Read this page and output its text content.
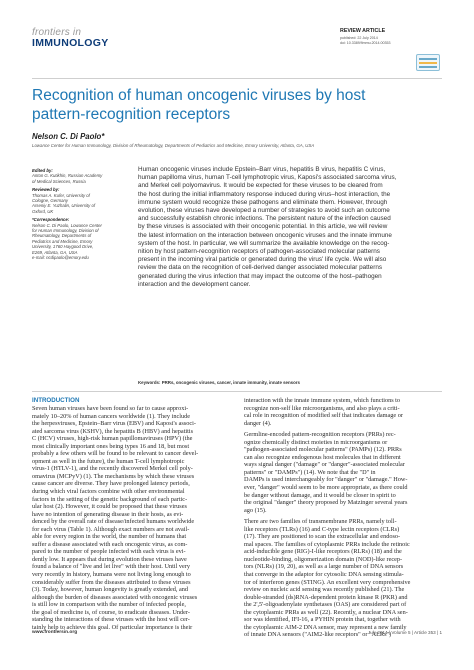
frontiers in
IMMUNOLOGY
REVIEW ARTICLE
published: 22 July 2014
doi: 10.3389/fimmu.2014.00353
Recognition of human oncogenic viruses by host pattern-recognition receptors
Nelson C. Di Paolo*
Lowance Center for Human Immunology, Division of Rheumatology, Departments of Pediatrics and Medicine, Emory University, Atlanta, GA, USA
Edited by:
Anton G. Kutikhin, Russian Academy
of Medical Sciences, Russia
Reviewed by:
Thomas A. Kufer, University of
Cologne, Germany
Arseniy E. Yuzhalin, University of
Oxford, UK
*Correspondence:
Nelson C. Di Paolo, Lowance Center
for Human Immunology, Division of
Rheumatology, Departments of
Pediatrics and Medicine, Emory
University, 1760 Haygood Drive,
E269, Atlanta, GA, USA
e-mail: ncdipaolo@emory.edu
Human oncogenic viruses include Epstein–Barr virus, hepatitis B virus, hepatitis C virus,
human papilloma virus, human T-cell lymphotropic virus, Kaposi's associated sarcoma virus,
and Merkel cell polyomavirus. It would be expected for these viruses to be cleared from
the host during the initial inflammatory response induced during virus–host interaction, the
immune system would recognize these pathogens and eliminate them. However, through
evolution, these viruses have developed a number of strategies to avoid such an outcome
and successfully establish chronic infections. The persistent nature of the infection caused
by these viruses is associated with their oncogenic potential. In this article, we will review
the latest information on the interaction between oncogenic viruses and the innate immune
system of the host. In particular, we will summarize the available knowledge on the recog-
nition by host pattern-recognition receptors of pathogen-associated molecular patterns
present in the incoming viral particle or generated during the virus' life cycle. We will also
review the data on the recognition of cell-derived danger associated molecular patterns
generated during the virus infection that may impact the outcome of the host–pathogen
interaction and the development cancer.
Keywords: PRRs, oncogenic viruses, cancer, innate immunity, innate sensors
INTRODUCTION
Seven human viruses have been found so far to cause approxi-
mately 10–20% of human cancers worldwide (1). They include
the herpesviruses, Epstein–Barr virus (EBV) and Kaposi's associ-
ated sarcoma virus (KSHV), the hepatitis B (HBV) and hepatitis
C (HCV) viruses, high-risk human papillomaviruses (HPV) (the
most clinically important ones being types 16 and 18, but most
probably a few others will be found to be relevant to cancer devel-
opment as well in the future), the human T-cell lymphotropic
virus-1 (HTLV-1), and the recently discovered Merkel cell poly-
omavirus (MCPyV) (1). The mechanisms by which these viruses
cause cancer are diverse. They have prolonged latency periods,
during which viral factors combine with other environmental
factors in the setting of the genetic background of each partic-
ular host (2). However, it could be proposed that these viruses
have no intention of generating disease in their hosts, as evi-
denced by the overall rate of disease/infected humans worldwide
for each virus (Table 1). Although exact numbers are not avail-
able for every region in the world, the number of humans that
suffer a disease associated with each oncogenic virus, as com-
pared to the number of people infected with each virus is evi-
dently low. It appears that during evolution these viruses have
found a balance of "live and let live" with their host. Until very
very recently in history, humans were not living long enough to
considerably suffer from the diseases attributed to these viruses
(3). Today, however, human longevity is greatly extended, and
although the burden of diseases associated with oncogenic viruses
is still low in comparison with the number of infected people,
the goal of medicine is, of course, to eradicate diseases. Under-
standing the interactions of these viruses with the host will cer-
tainly help to achieve this goal. Of particular importance is their
interaction with the innate immune system, which functions to
recognize non-self like microorganisms, and also plays a criti-
cal role in recognition of modified self that indicates damage or
danger (4).
Germline-encoded pattern-recognition receptors (PRRs) rec-
ognize chemically distinct moieties in microorganisms or
"pathogen-associated molecular patterns" (PAMPs) (12). PRRs
can also recognize endogenous host molecules that in different
ways signal danger ("damage" or "danger"-associated molecular
patterns" or "DAMPs") (14). We note that the "D" in
DAMPs is used interchangeably for "danger" or "damage." How-
ever, "danger" would seem to be more appropriate, as there could
be danger without damage, and it would be closer in spirit to
the original "danger" theory proposed by Matzinger several years
ago (15).
There are two families of transmembrane PRRs, namely toll-
like receptors (TLRs) (16) and C-type lectin receptors (CLRs)
(17). They are positioned to scan the extracellular and endoso-
mal spaces. The families of cytoplasmic PRRs include the retinoic
acid-inducible gene (RIG)-I-like receptors (RLRs) (18) and the
nucleotide-binding, oligomerization domain (NOD)-like recep-
tors (NLRs) (19, 20), as well as a large number of DNA sensors
that converge in the adaptor for cytosolic DNA sensing stimula-
tor of interferon genes (STING). An excellent very comprehensive
review on nucleic acid sensing was recently published (21). The
double-stranded (ds)RNA-dependent protein kinase R (PKR) and
the 2',5'-oligoadenylate synthetases (OAS) are considered part of
the cytoplasmic PRRs as well (22). Recently, a nuclear DNA sen-
sor was identified, IFI-16, a PYHIN protein that, together with
the cytoplasmic AIM-2 DNA sensor, may represent a new family
of innate DNA sensors ("AIM2-like receptors" or "ALRs")
www.frontiersin.org	July 2014 | Volume 5 | Article 353 | 1
